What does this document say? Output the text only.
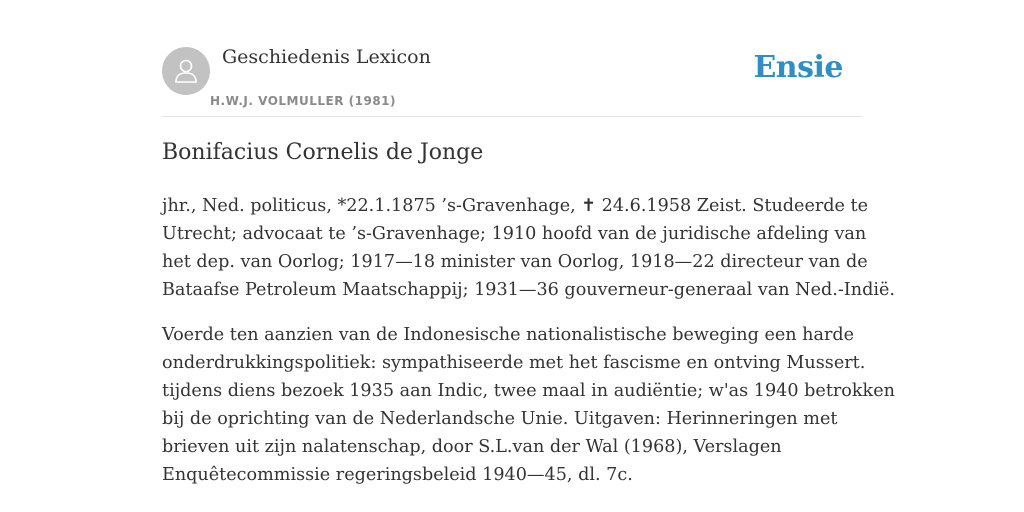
Geschiedenis Lexicon
H.W.J. VOLMULLER (1981)
Ensie
Bonifacius Cornelis de Jonge

jhr., Ned. politicus, *22.1.1875 ’s-Gravenhage, ✝ 24.6.1958 Zeist. Studeerde te
Utrecht; advocaat te ’s-Gravenhage; 1910 hoofd van de juridische afdeling van
het dep. van Oorlog; 1917—18 minister van Oorlog, 1918—22 directeur van de
Bataafse Petroleum Maatschappij; 1931—36 gouverneur-generaal van Ned.-Indië.

Voerde ten aanzien van de Indonesische nationalistische beweging een harde
onderdrukkingspolitiek: sympathiseerde met het fascisme en ontving Mussert.
tijdens diens bezoek 1935 aan Indic, twee maal in audiëntie; w'as 1940 betrokken
bij de oprichting van de Nederlandsche Unie. Uitgaven: Herinneringen met
brieven uit zijn nalatenschap, door S.L.van der Wal (1968), Verslagen
Enquêtecommissie regeringsbeleid 1940—45, dl. 7c.
